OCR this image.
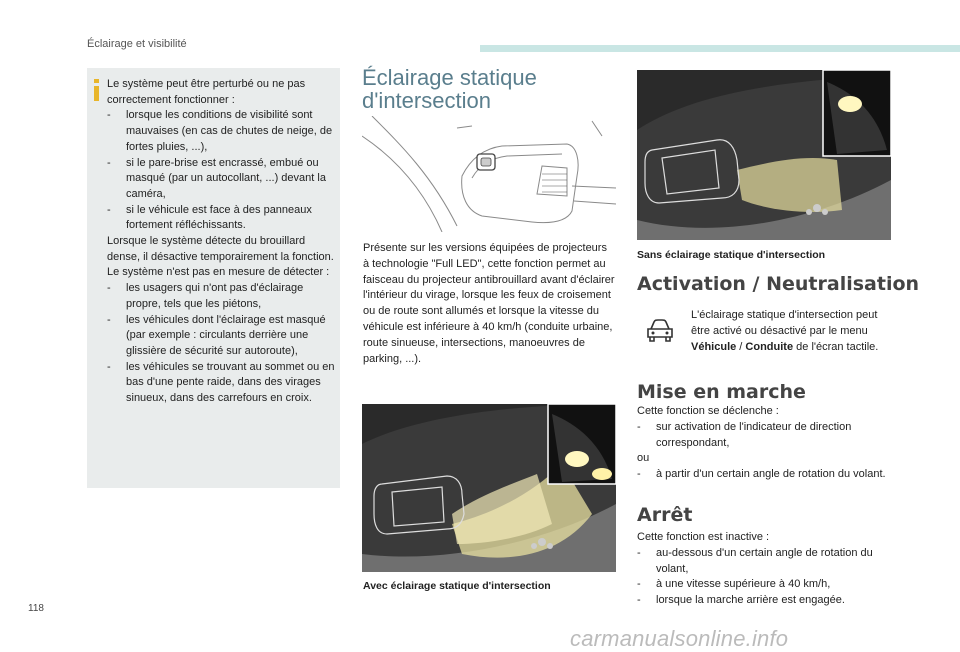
Éclairage et visibilité

Le système peut être perturbé ou ne pas correctement fonctionner :

-	lorsque les conditions de visibilité sont mauvaises (en cas de chutes de neige, de fortes pluies, ...),
-	si le pare-brise est encrassé, embué ou masqué (par un autocollant, ...) devant la caméra,
-	si le véhicule est face à des panneaux fortement réfléchissants.

Lorsque le système détecte du brouillard dense, il désactive temporairement la fonction.

Le système n'est pas en mesure de détecter :

-	les usagers qui n'ont pas d'éclairage propre, tels que les piétons,
-	les véhicules dont l'éclairage est masqué (par exemple : circulants derrière une glissière de sécurité sur autoroute),
-	les véhicules se trouvant au sommet ou en bas d'une pente raide, dans des virages sinueux, dans des carrefours en croix.
Éclairage statique d'intersection
Présente sur les versions équipées de projecteurs à technologie "Full LED", cette fonction permet au faisceau du projecteur antibrouillard avant d'éclairer l'intérieur du virage, lorsque les feux de croisement ou de route sont allumés et lorsque la vitesse du véhicule est inférieure à 40 km/h (conduite urbaine, route sinueuse, intersections, manoeuvres de parking, ...).
Avec éclairage statique d'intersection
Sans éclairage statique d'intersection
Activation / Neutralisation
L'éclairage statique d'intersection peut être activé ou désactivé par le menu Véhicule / Conduite de l'écran tactile.
Mise en marche

Cette fonction se déclenche :

-	sur activation de l'indicateur de direction correspondant,

ou

-	à partir d'un certain angle de rotation du volant.
Arrêt

Cette fonction est inactive :

-	au-dessous d'un certain angle de rotation du volant,
-	à une vitesse supérieure à 40 km/h,
-	lorsque la marche arrière est engagée.
118
carmanualsonline.info
